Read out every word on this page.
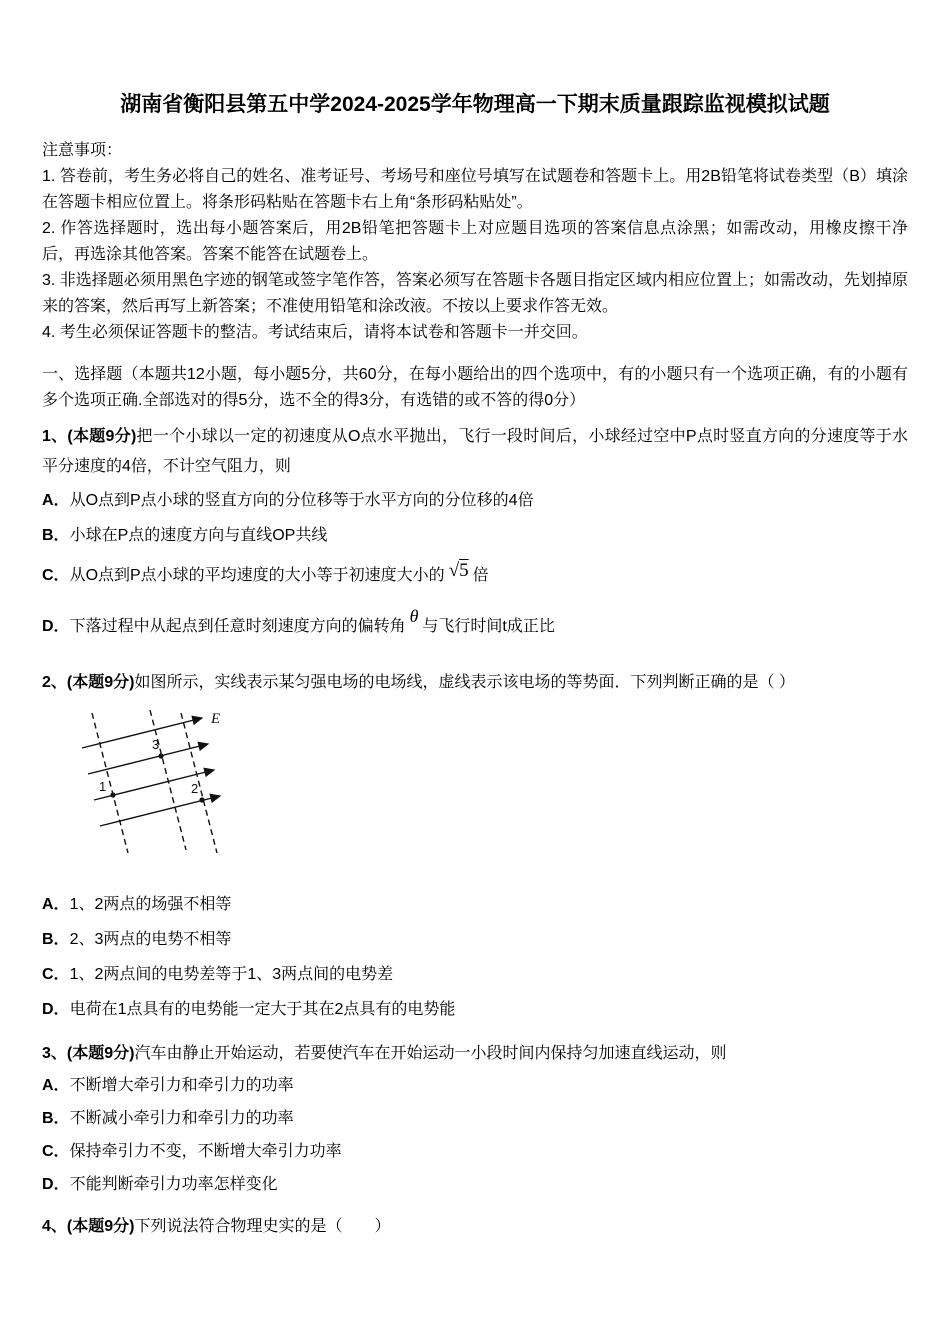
湖南省衡阳县第五中学2024-2025学年物理高一下期末质量跟踪监视模拟试题

注意事项：

1. 答卷前，考生务必将自己的姓名、准考证号、考场号和座位号填写在试题卷和答题卡上。用2B铅笔将试卷类型（B）填涂在答题卡相应位置上。将条形码粘贴在答题卡右上角“条形码粘贴处”。

2. 作答选择题时，选出每小题答案后，用2B铅笔把答题卡上对应题目选项的答案信息点涂黑；如需改动，用橡皮擦干净后，再选涂其他答案。答案不能答在试题卷上。

3. 非选择题必须用黑色字迹的钢笔或签字笔作答，答案必须写在答题卡各题目指定区域内相应位置上；如需改动，先划掉原来的答案，然后再写上新答案；不准使用铅笔和涂改液。不按以上要求作答无效。

4. 考生必须保证答题卡的整洁。考试结束后，请将本试卷和答题卡一并交回。

一、选择题（本题共12小题，每小题5分，共60分，在每小题给出的四个选项中，有的小题只有一个选项正确，有的小题有多个选项正确.全部选对的得5分，选不全的得3分，有选错的或不答的得0分）

1、(本题9分)把一个小球以一定的初速度从O点水平抛出，飞行一段时间后，小球经过空中P点时竖直方向的分速度等于水平分速度的4倍，不计空气阻力，则

A．从O点到P点小球的竖直方向的分位移等于水平方向的分位移的4倍

B．小球在P点的速度方向与直线OP共线

C．从O点到P点小球的平均速度的大小等于初速度大小的 √5 倍

D．下落过程中从起点到任意时刻速度方向的偏转角θ与飞行时间t成正比

2、(本题9分)如图所示，实线表示某匀强电场的电场线，虚线表示该电场的等势面．下列判断正确的是（ ）

1	2
3
E

A．1、2两点的场强不相等

B．2、3两点的电势不相等

C．1、2两点间的电势差等于1、3两点间的电势差

D．电荷在1点具有的电势能一定大于其在2点具有的电势能

3、(本题9分)汽车由静止开始运动，若要使汽车在开始运动一小段时间内保持匀加速直线运动，则

A．不断增大牵引力和牵引力的功率

B．不断减小牵引力和牵引力的功率

C．保持牵引力不变，不断增大牵引力功率

D．不能判断牵引力功率怎样变化

4、(本题9分)下列说法符合物理史实的是（　　）
